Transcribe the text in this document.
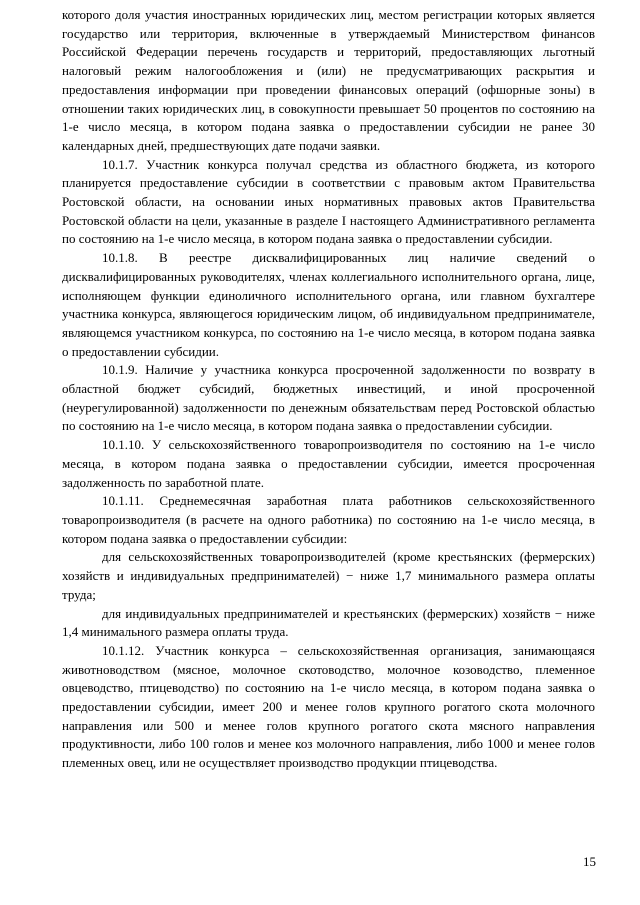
которого доля участия иностранных юридических лиц, местом регистрации которых является государство или территория, включенные в утверждаемый Министерством финансов Российской Федерации перечень государств и территорий, предоставляющих льготный налоговый режим налогообложения и (или) не предусматривающих раскрытия и предоставления информации при проведении финансовых операций (офшорные зоны) в отношении таких юридических лиц, в совокупности превышает 50 процентов по состоянию на 1-е число месяца, в котором подана заявка о предоставлении субсидии не ранее 30 календарных дней, предшествующих дате подачи заявки.

10.1.7. Участник конкурса получал средства из областного бюджета, из которого планируется предоставление субсидии в соответствии с правовым актом Правительства Ростовской области, на основании иных нормативных правовых актов Правительства Ростовской области на цели, указанные в разделе I настоящего Административного регламента по состоянию на 1-е число месяца, в котором подана заявка о предоставлении субсидии.

10.1.8. В реестре дисквалифицированных лиц наличие сведений о дисквалифицированных руководителях, членах коллегиального исполнительного органа, лице, исполняющем функции единоличного исполнительного органа, или главном бухгалтере участника конкурса, являющегося юридическим лицом, об индивидуальном предпринимателе, являющемся участником конкурса, по состоянию на 1-е число месяца, в котором подана заявка о предоставлении субсидии.

10.1.9. Наличие у участника конкурса просроченной задолженности по возврату в областной бюджет субсидий, бюджетных инвестиций, и иной просроченной (неурегулированной) задолженности по денежным обязательствам перед Ростовской областью по состоянию на 1-е число месяца, в котором подана заявка о предоставлении субсидии.

10.1.10. У сельскохозяйственного товаропроизводителя по состоянию на 1-е число месяца, в котором подана заявка о предоставлении субсидии, имеется просроченная задолженность по заработной плате.

10.1.11. Среднемесячная заработная плата работников сельскохозяйственного товаропроизводителя (в расчете на одного работника) по состоянию на 1-е число месяца, в котором подана заявка о предоставлении субсидии:

для сельскохозяйственных товаропроизводителей (кроме крестьянских (фермерских) хозяйств и индивидуальных предпринимателей) − ниже 1,7 минимального размера оплаты труда;

для индивидуальных предпринимателей и крестьянских (фермерских) хозяйств − ниже 1,4 минимального размера оплаты труда.

10.1.12. Участник конкурса – сельскохозяйственная организация, занимающаяся животноводством (мясное, молочное скотоводство, молочное козоводство, племенное овцеводство, птицеводство) по состоянию на 1-е число месяца, в котором подана заявка о предоставлении субсидии, имеет 200 и менее голов крупного рогатого скота молочного направления или 500 и менее голов крупного рогатого скота мясного направления продуктивности, либо 100 голов и менее коз молочного направления, либо 1000 и менее голов племенных овец, или не осуществляет производство продукции птицеводства.

15
